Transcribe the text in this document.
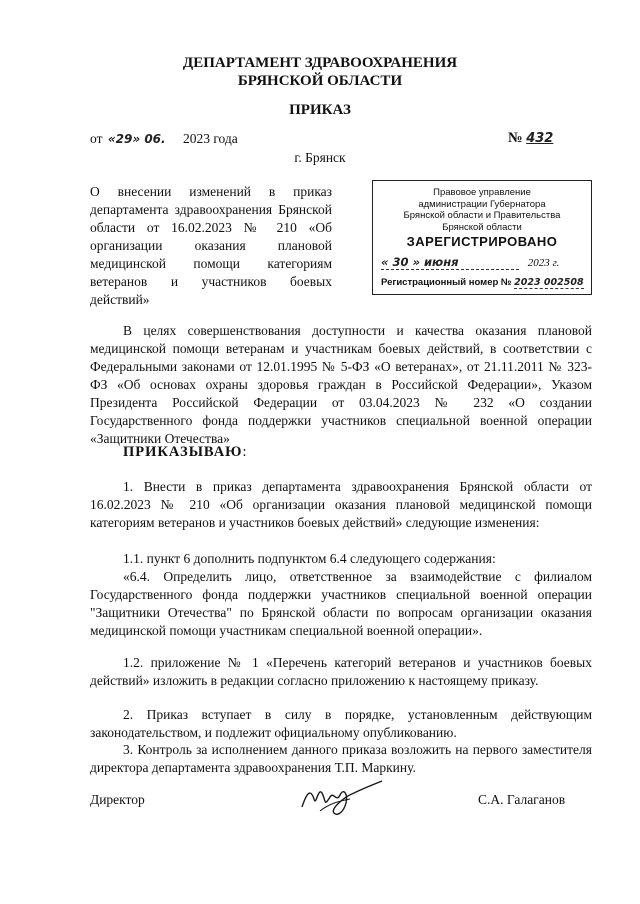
ДЕПАРТАМЕНТ ЗДРАВООХРАНЕНИЯ
БРЯНСКОЙ ОБЛАСТИ
ПРИКАЗ
от «29» 06. 2023 года	№ 432
г. Брянск
О внесении изменений в приказ департамента здравоохранения Брянской области от 16.02.2023 № 210 «Об организации оказания плановой медицинской помощи категориям ветеранов и участников боевых действий»
Правовое управление
администрации Губернатора
Брянской области и Правительства
Брянской области
ЗАРЕГИСТРИРОВАНО
« 30 » июня	2023 г.
Регистрационный номер № 2023 002508
В целях совершенствования доступности и качества оказания плановой медицинской помощи ветеранам и участникам боевых действий, в соответствии с Федеральными законами от 12.01.1995 № 5-ФЗ «О ветеранах», от 21.11.2011 № 323-ФЗ «Об основах охраны здоровья граждан в Российской Федерации», Указом Президента Российской Федерации от 03.04.2023 № 232 «О создании Государственного фонда поддержки участников специальной военной операции «Защитники Отечества»
ПРИКАЗЫВАЮ:
1. Внести в приказ департамента здравоохранения Брянской области от 16.02.2023 № 210 «Об организации оказания плановой медицинской помощи категориям ветеранов и участников боевых действий» следующие изменения:
1.1. пункт 6 дополнить подпунктом 6.4 следующего содержания:
«6.4. Определить лицо, ответственное за взаимодействие с филиалом Государственного фонда поддержки участников специальной военной операции "Защитники Отечества" по Брянской области по вопросам организации оказания медицинской помощи участникам специальной военной операции».
1.2. приложение № 1 «Перечень категорий ветеранов и участников боевых действий» изложить в редакции согласно приложению к настоящему приказу.
2. Приказ вступает в силу в порядке, установленным действующим законодательством, и подлежит официальному опубликованию.
3. Контроль за исполнением данного приказа возложить на первого заместителя директора департамента здравоохранения Т.П. Маркину.
Директор	С.А. Галаганов
